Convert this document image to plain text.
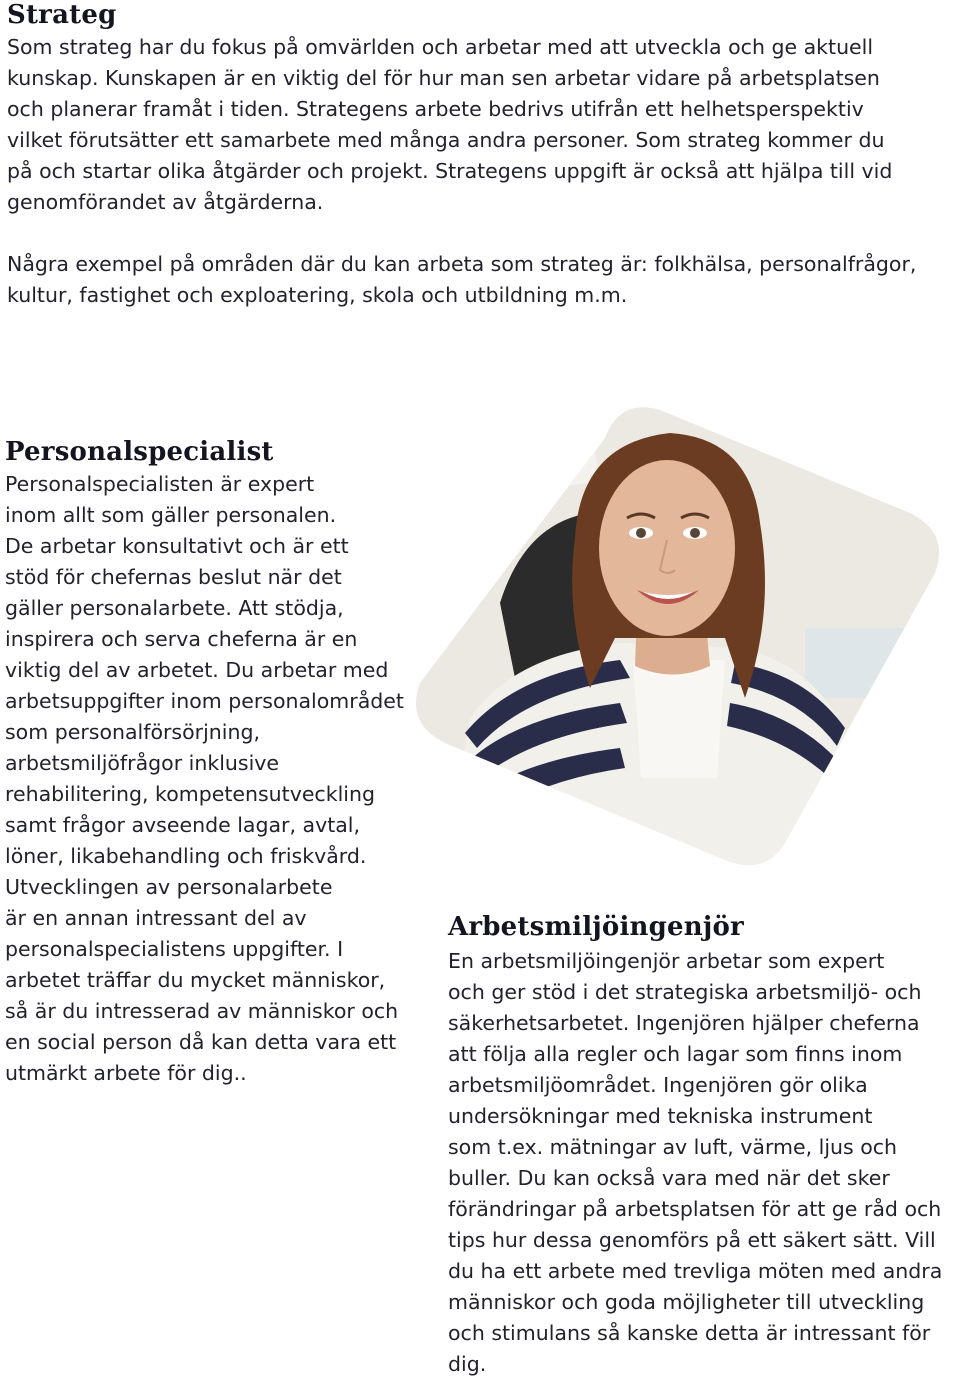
Strateg
Som strateg har du fokus på omvärlden och arbetar med att utveckla och ge aktuell
kunskap. Kunskapen är en viktig del för hur man sen arbetar vidare på arbetsplatsen
och planerar framåt i tiden. Strategens arbete bedrivs utifrån ett helhetsperspektiv
vilket förutsätter ett samarbete med många andra personer. Som strateg kommer du
på och startar olika åtgärder och projekt. Strategens uppgift är också att hjälpa till vid
genomförandet av åtgärderna.
Några exempel på områden där du kan arbeta som strateg är: folkhälsa, personalfrågor,
kultur, fastighet och exploatering, skola och utbildning m.m.
Personalspecialist
Personalspecialisten är expert
inom allt som gäller personalen.
De arbetar konsultativt och är ett
stöd för chefernas beslut när det
gäller personalarbete. Att stödja,
inspirera och serva cheferna är en
viktig del av arbetet. Du arbetar med
arbetsuppgifter inom personalområdet
som personalförsörjning,
arbetsmiljöfrågor inklusive
rehabilitering, kompetensutveckling
samt frågor avseende lagar, avtal,
löner, likabehandling och friskvård.
Utvecklingen av personalarbete
är en annan intressant del av
personalspecialistens uppgifter. I
arbetet träffar du mycket människor,
så är du intresserad av människor och
en social person då kan detta vara ett
utmärkt arbete för dig..
Arbetsmiljöingenjör
En arbetsmiljöingenjör arbetar som expert
och ger stöd i det strategiska arbetsmiljö- och
säkerhetsarbetet. Ingenjören hjälper cheferna
att följa alla regler och lagar som finns inom
arbetsmiljöområdet. Ingenjören gör olika
undersökningar med tekniska instrument
som t.ex. mätningar av luft, värme, ljus och
buller. Du kan också vara med när det sker
förändringar på arbetsplatsen för att ge råd och
tips hur dessa genomförs på ett säkert sätt. Vill
du ha ett arbete med trevliga möten med andra
människor och goda möjligheter till utveckling
och stimulans så kanske detta är intressant för
dig.
